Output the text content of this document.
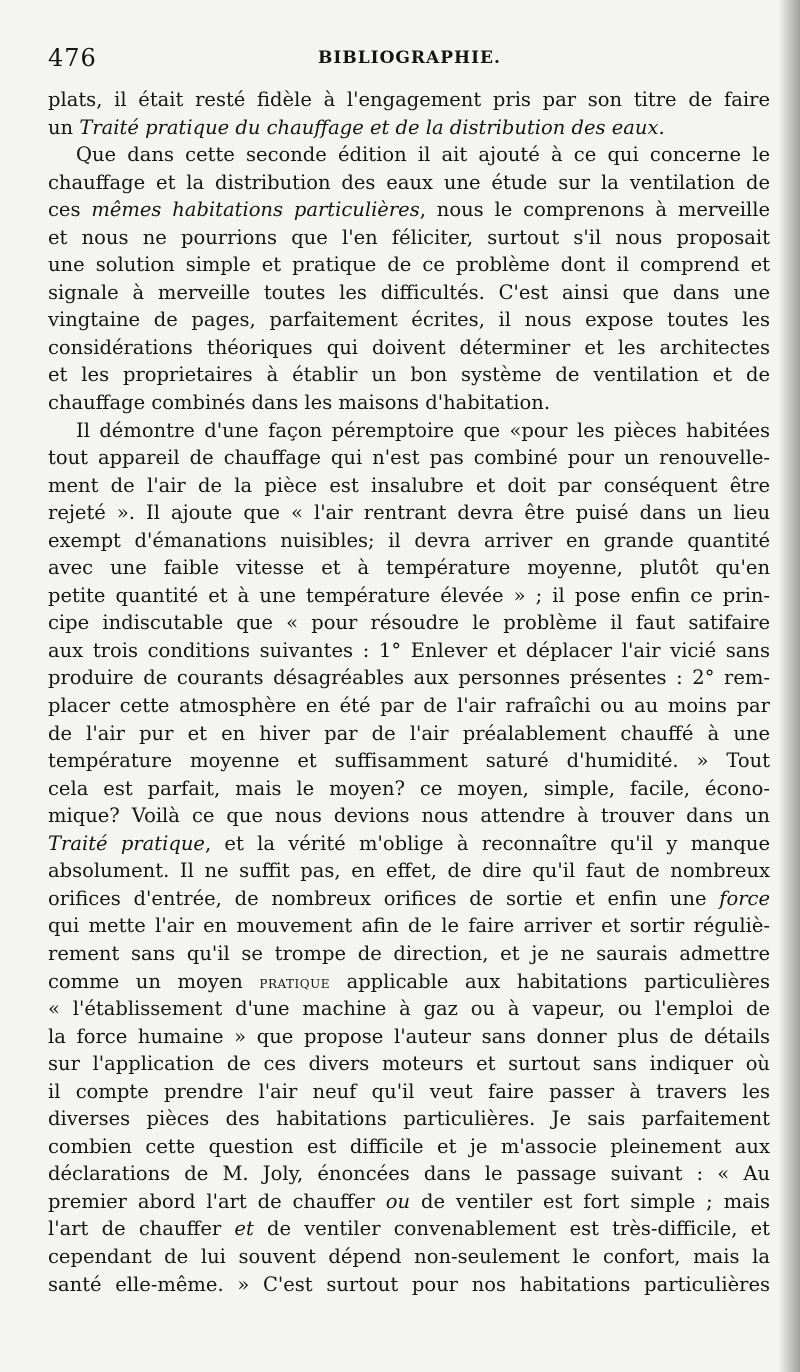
476	BIBLIOGRAPHIE.
plats, il était resté fidèle à l'engagement pris par son titre de faire
un Traité pratique du chauffage et de la distribution des eaux.
Que dans cette seconde édition il ait ajouté à ce qui concerne le
chauffage et la distribution des eaux une étude sur la ventilation de
ces mêmes habitations particulières, nous le comprenons à merveille
et nous ne pourrions que l'en féliciter, surtout s'il nous proposait
une solution simple et pratique de ce problème dont il comprend et
signale à merveille toutes les difficultés. C'est ainsi que dans une
vingtaine de pages, parfaitement écrites, il nous expose toutes les
considérations théoriques qui doivent déterminer et les architectes
et les proprietaires à établir un bon système de ventilation et de
chauffage combinés dans les maisons d'habitation.
Il démontre d'une façon péremptoire que «pour les pièces habitées
tout appareil de chauffage qui n'est pas combiné pour un renouvelle-
ment de l'air de la pièce est insalubre et doit par conséquent être
rejeté ». Il ajoute que « l'air rentrant devra être puisé dans un lieu
exempt d'émanations nuisibles; il devra arriver en grande quantité
avec une faible vitesse et à température moyenne, plutôt qu'en
petite quantité et à une température élevée » ; il pose enfin ce prin-
cipe indiscutable que « pour résoudre le problème il faut satifaire
aux trois conditions suivantes : 1° Enlever et déplacer l'air vicié sans
produire de courants désagréables aux personnes présentes : 2° rem-
placer cette atmosphère en été par de l'air rafraîchi ou au moins par
de l'air pur et en hiver par de l'air préalablement chauffé à une
température moyenne et suffisamment saturé d'humidité. » Tout
cela est parfait, mais le moyen? ce moyen, simple, facile, écono-
mique? Voilà ce que nous devions nous attendre à trouver dans un
Traité pratique, et la vérité m'oblige à reconnaître qu'il y manque
absolument. Il ne suffit pas, en effet, de dire qu'il faut de nombreux
orifices d'entrée, de nombreux orifices de sortie et enfin une force
qui mette l'air en mouvement afin de le faire arriver et sortir réguliè-
rement sans qu'il se trompe de direction, et je ne saurais admettre
comme un moyen pratique applicable aux habitations particulières
« l'établissement d'une machine à gaz ou à vapeur, ou l'emploi de
la force humaine » que propose l'auteur sans donner plus de détails
sur l'application de ces divers moteurs et surtout sans indiquer où
il compte prendre l'air neuf qu'il veut faire passer à travers les
diverses pièces des habitations particulières. Je sais parfaitement
combien cette question est difficile et je m'associe pleinement aux
déclarations de M. Joly, énoncées dans le passage suivant : « Au
premier abord l'art de chauffer ou de ventiler est fort simple ; mais
l'art de chauffer et de ventiler convenablement est très-difficile, et
cependant de lui souvent dépend non-seulement le confort, mais la
santé elle-même. » C'est surtout pour nos habitations particulières
